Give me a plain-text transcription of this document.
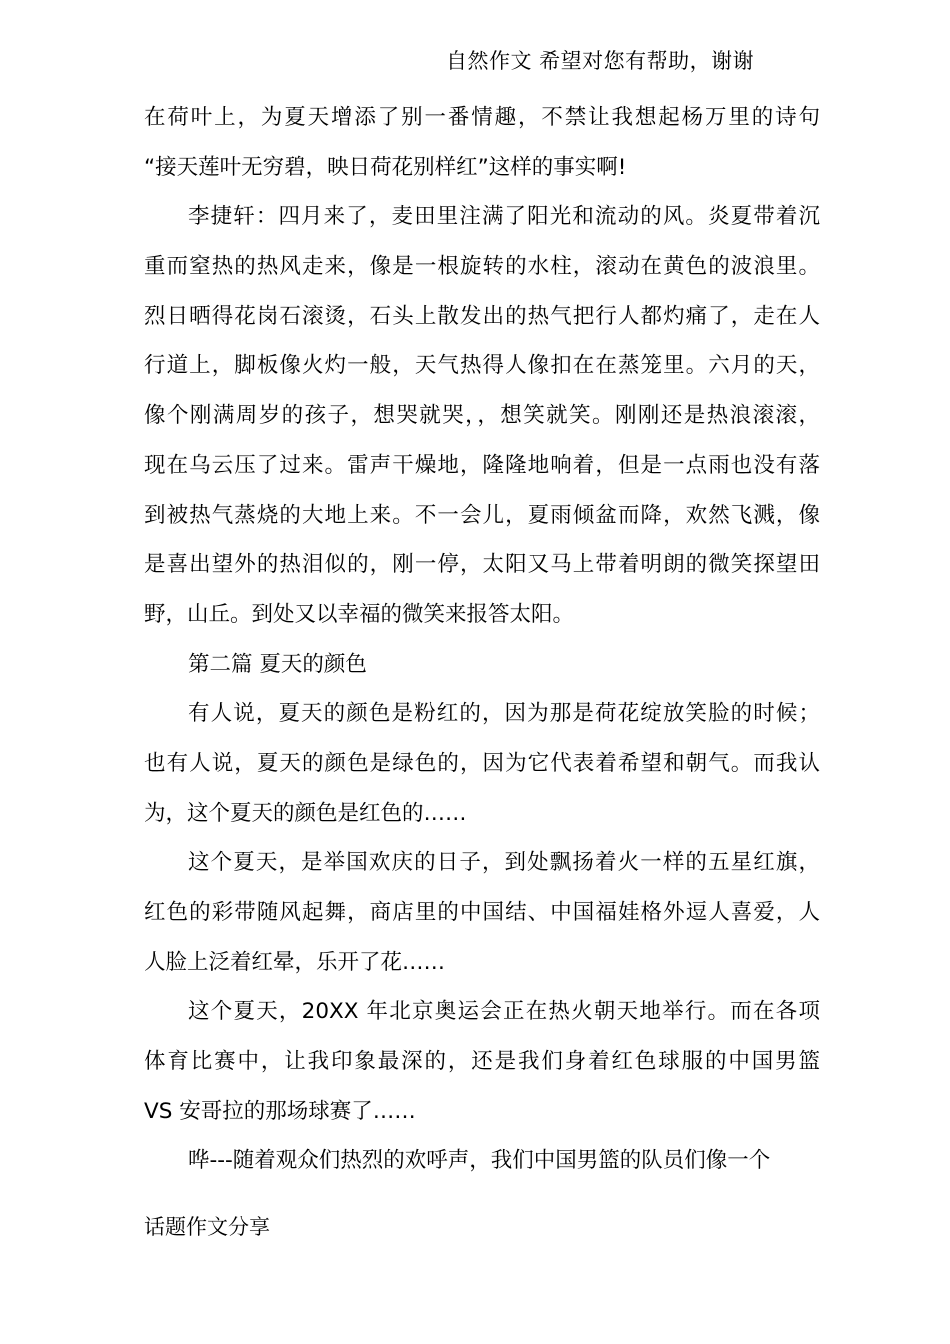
自然作文 希望对您有帮助，谢谢
在荷叶上，为夏天增添了别一番情趣，不禁让我想起杨万里的诗句
“接天莲叶无穷碧，映日荷花别样红”这样的事实啊!
李捷轩：四月来了，麦田里注满了阳光和流动的风。炎夏带着沉
重而窒热的热风走来，像是一根旋转的水柱，滚动在黄色的波浪里。
烈日晒得花岗石滚烫，石头上散发出的热气把行人都灼痛了，走在人
行道上，脚板像火灼一般，天气热得人像扣在在蒸笼里。六月的天，
像个刚满周岁的孩子，想哭就哭，，想笑就笑。刚刚还是热浪滚滚，
现在乌云压了过来。雷声干燥地，隆隆地响着，但是一点雨也没有落
到被热气蒸烧的大地上来。不一会儿，夏雨倾盆而降，欢然飞溅，像
是喜出望外的热泪似的，刚一停，太阳又马上带着明朗的微笑探望田
野，山丘。到处又以幸福的微笑来报答太阳。
第二篇 夏天的颜色
有人说，夏天的颜色是粉红的，因为那是荷花绽放笑脸的时候；
也有人说，夏天的颜色是绿色的，因为它代表着希望和朝气。而我认
为，这个夏天的颜色是红色的……
这个夏天，是举国欢庆的日子，到处飘扬着火一样的五星红旗，
红色的彩带随风起舞，商店里的中国结、中国福娃格外逗人喜爱，人
人脸上泛着红晕，乐开了花……
这个夏天，20XX 年北京奥运会正在热火朝天地举行。而在各项
体育比赛中，让我印象最深的，还是我们身着红色球服的中国男篮
VS 安哥拉的那场球赛了……
哗---随着观众们热烈的欢呼声，我们中国男篮的队员们像一个
话题作文分享
